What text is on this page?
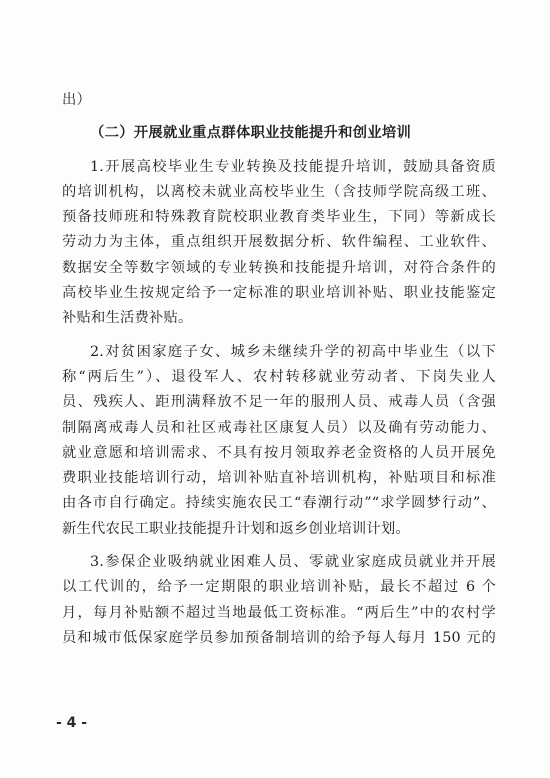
出）
（二）开展就业重点群体职业技能提升和创业培训
1.开展高校毕业生专业转换及技能提升培训，鼓励具备资质
的培训机构，以离校未就业高校毕业生（含技师学院高级工班、
预备技师班和特殊教育院校职业教育类毕业生，下同）等新成长
劳动力为主体，重点组织开展数据分析、软件编程、工业软件、
数据安全等数字领域的专业转换和技能提升培训，对符合条件的
高校毕业生按规定给予一定标准的职业培训补贴、职业技能鉴定
补贴和生活费补贴。
2.对贫困家庭子女、城乡未继续升学的初高中毕业生（以下
称“两后生”）、退役军人、农村转移就业劳动者、下岗失业人
员、残疾人、距刑满释放不足一年的服刑人员、戒毒人员（含强
制隔离戒毒人员和社区戒毒社区康复人员）以及确有劳动能力、
就业意愿和培训需求、不具有按月领取养老金资格的人员开展免
费职业技能培训行动，培训补贴直补培训机构，补贴项目和标准
由各市自行确定。持续实施农民工“春潮行动”“求学圆梦行动”、
新生代农民工职业技能提升计划和返乡创业培训计划。
3.参保企业吸纳就业困难人员、零就业家庭成员就业并开展
以工代训的，给予一定期限的职业培训补贴，最长不超过 6 个
月，每月补贴额不超过当地最低工资标准。“两后生”中的农村学
员和城市低保家庭学员参加预备制培训的给予每人每月 150 元的
- 4 -
